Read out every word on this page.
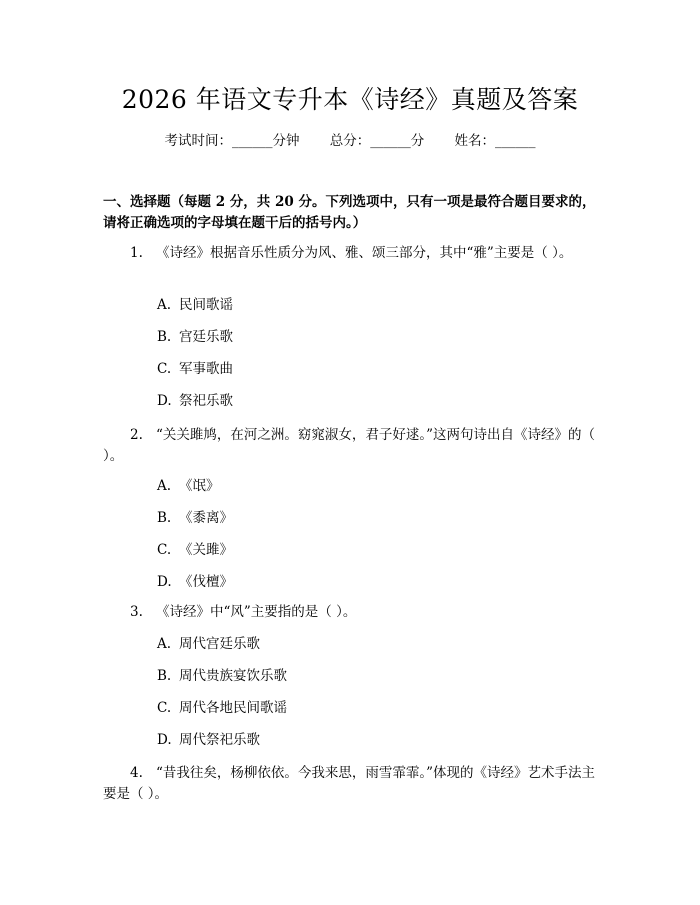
2026 年语文专升本《诗经》真题及答案
考试时间：______分钟 总分：______分 姓名：______
一、选择题（每题 2 分，共 20 分。下列选项中，只有一项是最符合题目要求的，请将正确选项的字母填在题干后的括号内。）
1. 《诗经》根据音乐性质分为风、雅、颂三部分，其中“雅”主要是（ ）。
A. 民间歌谣
B. 宫廷乐歌
C. 军事歌曲
D. 祭祀乐歌
2. “关关雎鸠，在河之洲。窈窕淑女，君子好逑。”这两句诗出自《诗经》的（ ）。
A. 《氓》
B. 《黍离》
C. 《关雎》
D. 《伐檀》
3. 《诗经》中“风”主要指的是（ ）。
A. 周代宫廷乐歌
B. 周代贵族宴饮乐歌
C. 周代各地民间歌谣
D. 周代祭祀乐歌
4. “昔我往矣，杨柳依依。今我来思，雨雪霏霏。”体现的《诗经》艺术手法主要是（ ）。
